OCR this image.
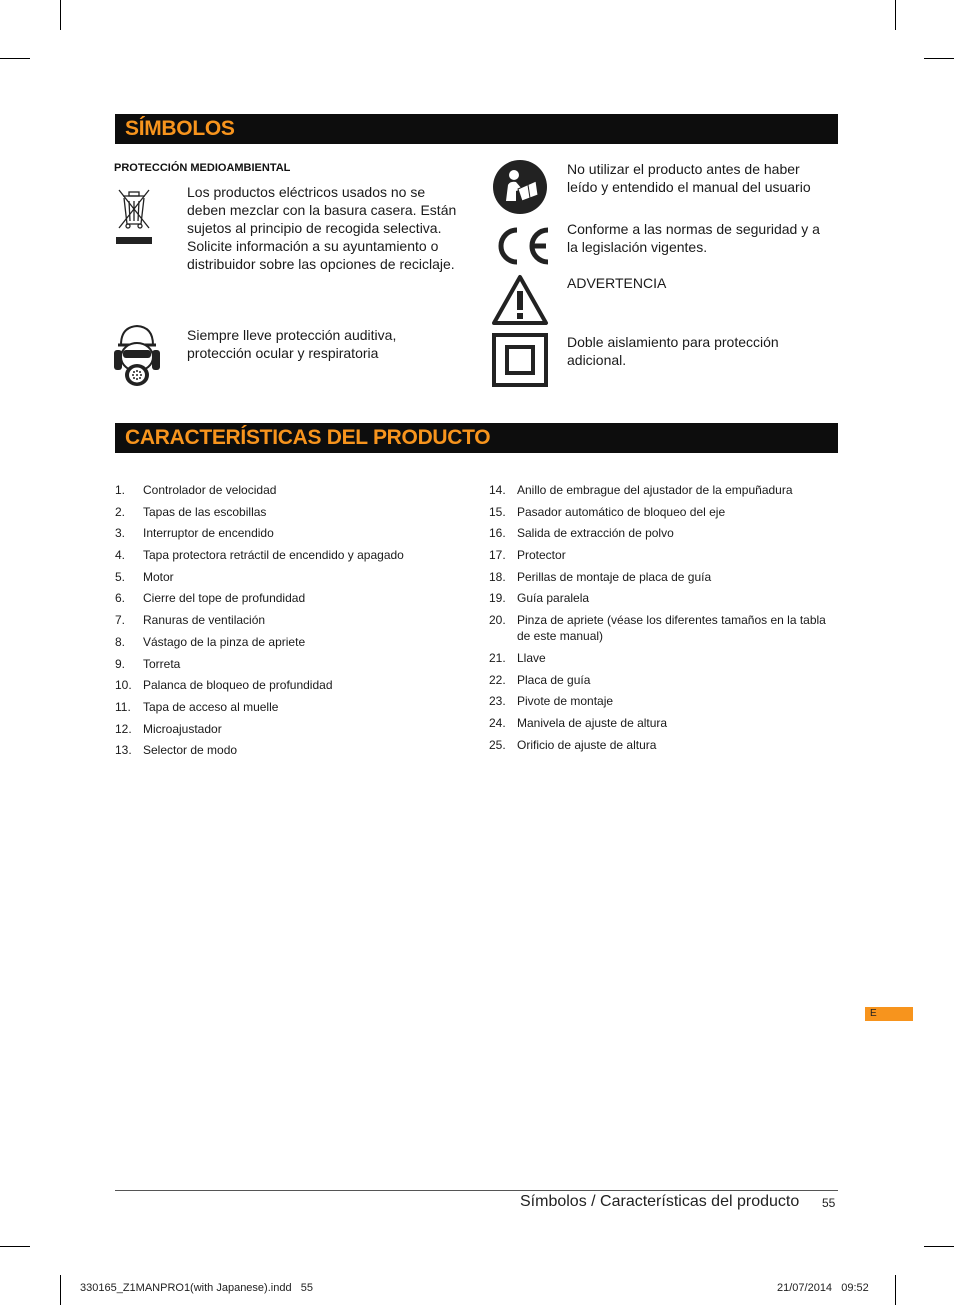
SÍMBOLOS
PROTECCIÓN MEDIOAMBIENTAL
Los productos eléctricos usados no se deben mezclar con la basura casera. Están sujetos al principio de recogida selectiva. Solicite información a su ayuntamiento o distribuidor sobre las opciones de reciclaje.
Siempre lleve protección auditiva, protección ocular y respiratoria
No utilizar el producto antes de haber leído y entendido el manual del usuario
Conforme a las normas de seguridad y a la legislación vigentes.
ADVERTENCIA
Doble aislamiento para protección adicional.
CARACTERÍSTICAS DEL PRODUCTO
1.	Controlador de velocidad
2.	Tapas de las escobillas
3.	Interruptor de encendido
4.	Tapa protectora retráctil de encendido y apagado
5.	Motor
6.	Cierre del tope de profundidad
7.	Ranuras de ventilación
8.	Vástago de la pinza de apriete
9.	Torreta
10. Palanca de bloqueo de profundidad
11.	Tapa de acceso al muelle
12. Microajustador
13. Selector de modo
14. Anillo de embrague del ajustador de la empuñadura
15. Pasador automático de bloqueo del eje
16. Salida de extracción de polvo
17. Protector
18. Perillas de montaje de placa de guía
19. Guía paralela
20. Pinza de apriete (véase los diferentes tamaños en la tabla de este manual)
21. Llave
22. Placa de guía
23. Pivote de montaje
24. Manivela de ajuste de altura
25. Orificio de ajuste de altura
E
Símbolos / Características del producto 55
330165_Z1MANPRO1(with Japanese).indd   55	21/07/2014   09:52
